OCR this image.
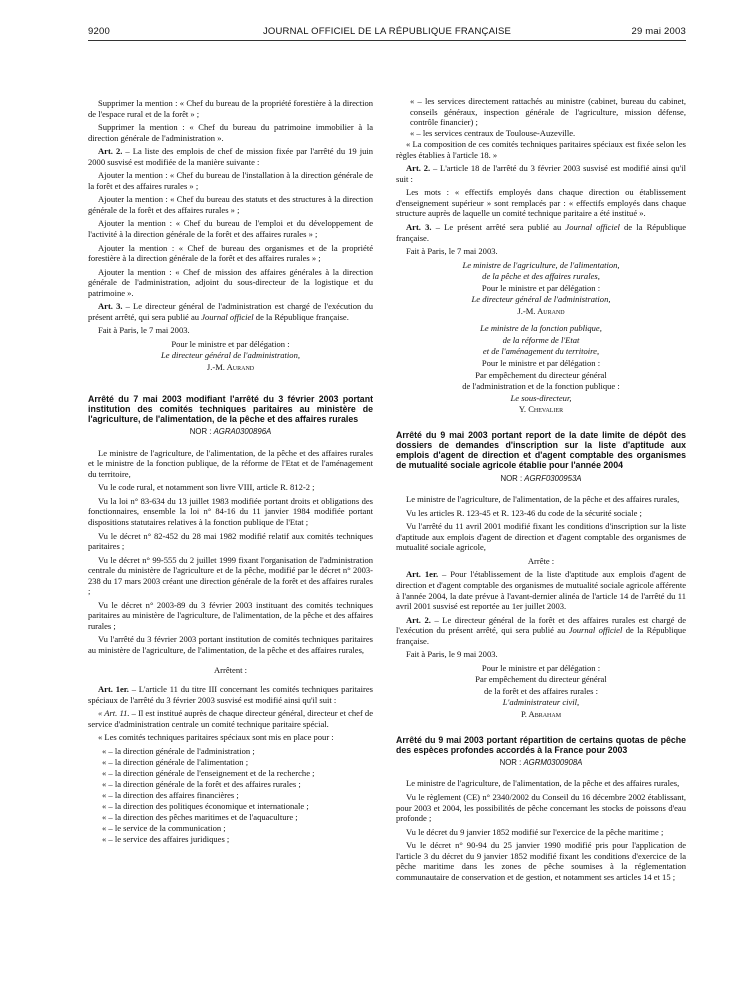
9200	JOURNAL OFFICIEL DE LA RÉPUBLIQUE FRANÇAISE	29 mai 2003

Supprimer la mention : « Chef du bureau de la propriété forestière à la direction de l'espace rural et de la forêt » ;

Supprimer la mention : « Chef du bureau du patrimoine immobilier à la direction générale de l'administration ».

Art. 2. – La liste des emplois de chef de mission fixée par l'arrêté du 19 juin 2000 susvisé est modifiée de la manière suivante :

Ajouter la mention : « Chef du bureau de l'installation à la direction générale de la forêt et des affaires rurales » ;

Ajouter la mention : « Chef du bureau des statuts et des structures à la direction générale de la forêt et des affaires rurales » ;

Ajouter la mention : « Chef du bureau de l'emploi et du développement de l'activité à la direction générale de la forêt et des affaires rurales » ;

Ajouter la mention : « Chef de bureau des organismes et de la propriété forestière à la direction générale de la forêt et des affaires rurales » ;

Ajouter la mention : « Chef de mission des affaires générales à la direction générale de l'administration, adjoint du sous-directeur de la logistique et du patrimoine ».

Art. 3. – Le directeur général de l'administration est chargé de l'exécution du présent arrêté, qui sera publié au Journal officiel de la République française.

Fait à Paris, le 7 mai 2003.

Pour le ministre et par délégation :

Le directeur général de l'administration,

J.-M. Aurand

Arrêté du 7 mai 2003 modifiant l'arrêté du 3 février 2003 portant institution des comités techniques paritaires au ministère de l'agriculture, de l'alimentation, de la pêche et des affaires rurales

NOR : AGRA0300896A

Le ministre de l'agriculture, de l'alimentation, de la pêche et des affaires rurales et le ministre de la fonction publique, de la réforme de l'Etat et de l'aménagement du territoire,

Vu le code rural, et notamment son livre VIII, article R. 812-2 ;

Vu la loi n° 83-634 du 13 juillet 1983 modifiée portant droits et obligations des fonctionnaires, ensemble la loi n° 84-16 du 11 janvier 1984 modifiée portant dispositions statutaires relatives à la fonction publique de l'Etat ;

Vu le décret n° 82-452 du 28 mai 1982 modifié relatif aux comités techniques paritaires ;

Vu le décret n° 99-555 du 2 juillet 1999 fixant l'organisation de l'administration centrale du ministère de l'agriculture et de la pêche, modifié par le décret n° 2003-238 du 17 mars 2003 créant une direction générale de la forêt et des affaires rurales ;

Vu le décret n° 2003-89 du 3 février 2003 instituant des comités techniques paritaires au ministère de l'agriculture, de l'alimentation, de la pêche et des affaires rurales ;

Vu l'arrêté du 3 février 2003 portant institution de comités techniques paritaires au ministère de l'agriculture, de l'alimentation, de la pêche et des affaires rurales,

Arrêtent :

Art. 1er. – L'article 11 du titre III concernant les comités techniques paritaires spéciaux de l'arrêté du 3 février 2003 susvisé est modifié ainsi qu'il suit :

« Art. 11. – Il est institué auprès de chaque directeur général, directeur et chef de service d'administration centrale un comité technique paritaire spécial.

« Les comités techniques paritaires spéciaux sont mis en place pour :

« – la direction générale de l'administration ;

« – la direction générale de l'alimentation ;

« – la direction générale de l'enseignement et de la recherche ;

« – la direction générale de la forêt et des affaires rurales ;

« – la direction des affaires financières ;

« – la direction des politiques économique et internationale ;

« – la direction des pêches maritimes et de l'aquaculture ;

« – le service de la communication ;

« – le service des affaires juridiques ;

« – les services directement rattachés au ministre (cabinet, bureau du cabinet, conseils généraux, inspection générale de l'agriculture, mission défense, contrôle financier) ;

« – les services centraux de Toulouse-Auzeville.

« La composition de ces comités techniques paritaires spéciaux est fixée selon les règles établies à l'article 18. »

Art. 2. – L'article 18 de l'arrêté du 3 février 2003 susvisé est modifié ainsi qu'il suit :

Les mots : « effectifs employés dans chaque direction ou établissement d'enseignement supérieur » sont remplacés par : « effectifs employés dans chaque structure auprès de laquelle un comité technique paritaire a été institué ».

Art. 3. – Le présent arrêté sera publié au Journal officiel de la République française.

Fait à Paris, le 7 mai 2003.

Le ministre de l'agriculture, de l'alimentation,

de la pêche et des affaires rurales,

Pour le ministre et par délégation :

Le directeur général de l'administration,

J.-M. Aurand

Le ministre de la fonction publique,

de la réforme de l'Etat

et de l'aménagement du territoire,

Pour le ministre et par délégation :

Par empêchement du directeur général

de l'administration et de la fonction publique :

Le sous-directeur,

Y. Chevalier

Arrêté du 9 mai 2003 portant report de la date limite de dépôt des dossiers de demandes d'inscription sur la liste d'aptitude aux emplois d'agent de direction et d'agent comptable des organismes de mutualité sociale agricole établie pour l'année 2004

NOR : AGRF0300953A

Le ministre de l'agriculture, de l'alimentation, de la pêche et des affaires rurales,

Vu les articles R. 123-45 et R. 123-46 du code de la sécurité sociale ;

Vu l'arrêté du 11 avril 2001 modifié fixant les conditions d'inscription sur la liste d'aptitude aux emplois d'agent de direction et d'agent comptable des organismes de mutualité sociale agricole,

Arrête :

Art. 1er. – Pour l'établissement de la liste d'aptitude aux emplois d'agent de direction et d'agent comptable des organismes de mutualité sociale agricole afférente à l'année 2004, la date prévue à l'avant-dernier alinéa de l'article 14 de l'arrêté du 11 avril 2001 susvisé est reportée au 1er juillet 2003.

Art. 2. – Le directeur général de la forêt et des affaires rurales est chargé de l'exécution du présent arrêté, qui sera publié au Journal officiel de la République française.

Fait à Paris, le 9 mai 2003.

Pour le ministre et par délégation :

Par empêchement du directeur général

de la forêt et des affaires rurales :

L'administrateur civil,

P. Abraham

Arrêté du 9 mai 2003 portant répartition de certains quotas de pêche des espèces profondes accordés à la France pour 2003

NOR : AGRM0300908A

Le ministre de l'agriculture, de l'alimentation, de la pêche et des affaires rurales,

Vu le règlement (CE) n° 2340/2002 du Conseil du 16 décembre 2002 établissant, pour 2003 et 2004, les possibilités de pêche concernant les stocks de poissons d'eau profonde ;

Vu le décret du 9 janvier 1852 modifié sur l'exercice de la pêche maritime ;

Vu le décret n° 90-94 du 25 janvier 1990 modifié pris pour l'application de l'article 3 du décret du 9 janvier 1852 modifié fixant les conditions d'exercice de la pêche maritime dans les zones de pêche soumises à la réglementation communautaire de conservation et de gestion, et notamment ses articles 14 et 15 ;
